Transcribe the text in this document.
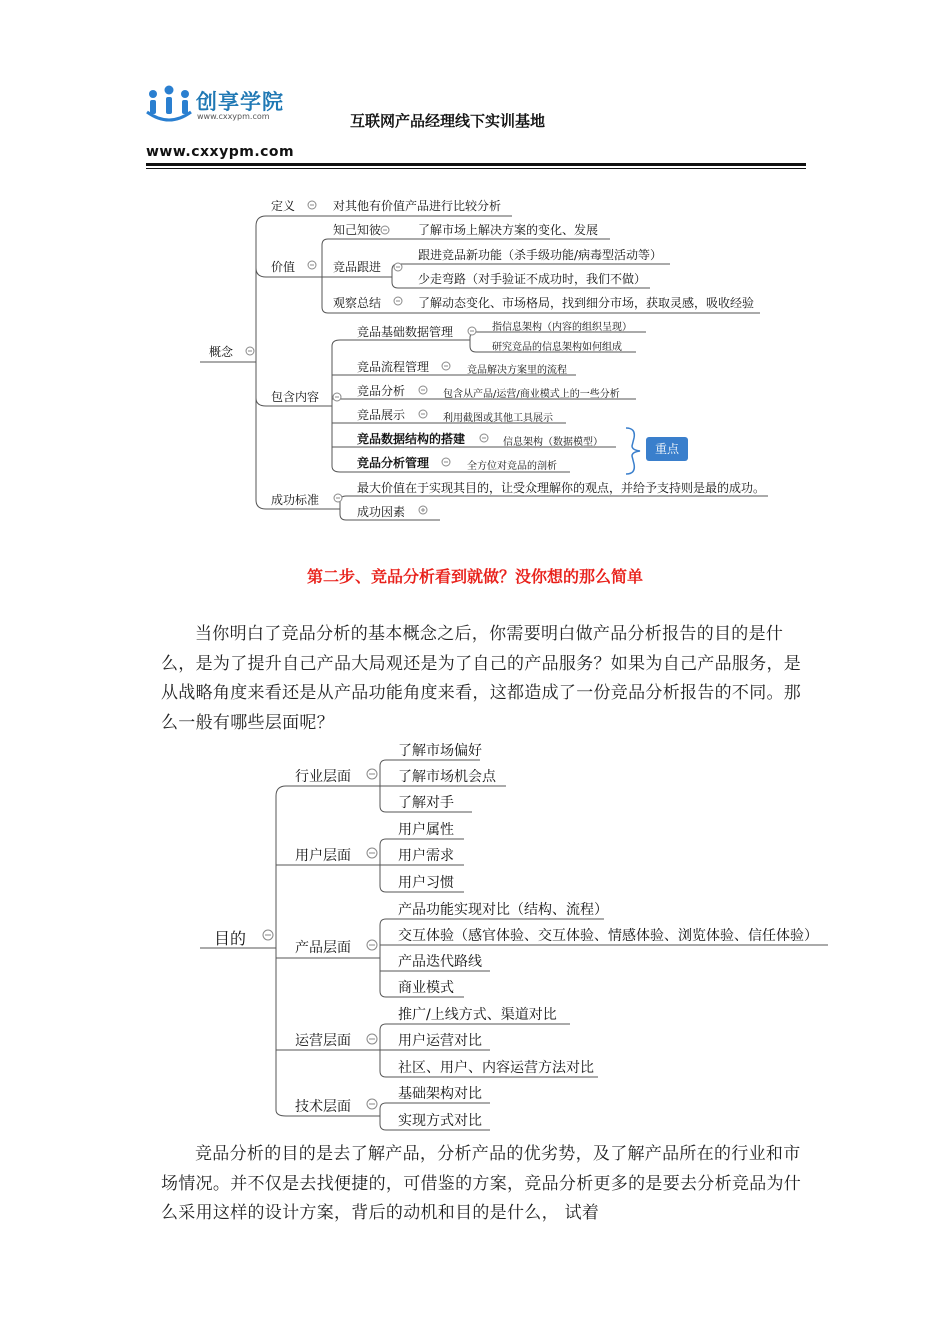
创享学院
www.cxxypm.com	互联网产品经理线下实训基地
www.cxxypm.com
概念
定义	对其他有价值产品进行比较分析
价值
知己知彼	了解市场上解决方案的变化、发展
竞品跟进
跟进竞品新功能（杀手级功能/病毒型活动等）
少走弯路（对手验证不成功时，我们不做）
观察总结	了解动态变化、市场格局，找到细分市场，获取灵感，吸收经验
包含内容
竞品基础数据管理	指信息架构（内容的组织呈现）
研究竞品的信息架构如何组成
竞品流程管理	竞品解决方案里的流程
竞品分析	包含从产品/运营/商业模式上的一些分析
竞品展示	利用截图或其他工具展示
竞品数据结构的搭建	信息架构（数据模型）
竞品分析管理	全方位对竞品的剖析
重点
成功标准
最大价值在于实现其目的，让受众理解你的观点，并给予支持则是最的成功。
成功因素
第二步、竞品分析看到就做？没你想的那么简单
当你明白了竞品分析的基本概念之后，你需要明白做产品分析报告的目的是什么，是为了提升自己产品大局观还是为了自己的产品服务？如果为自己产品服务，是从战略角度来看还是从产品功能角度来看，这都造成了一份竞品分析报告的不同。那么一般有哪些层面呢？
目的
行业层面
了解市场偏好
了解市场机会点
了解对手
用户层面
用户属性
用户需求
用户习惯
产品层面
产品功能实现对比（结构、流程）
交互体验（感官体验、交互体验、情感体验、浏览体验、信任体验）
产品迭代路线
商业模式
运营层面
推广/上线方式、渠道对比
用户运营对比
社区、用户、内容运营方法对比
技术层面
基础架构对比
实现方式对比
竞品分析的目的是去了解产品，分析产品的优劣势，及了解产品所在的行业和市场情况。并不仅是去找便捷的，可借鉴的方案，竞品分析更多的是要去分析竞品为什么采用这样的设计方案，背后的动机和目的是什么， 试着
